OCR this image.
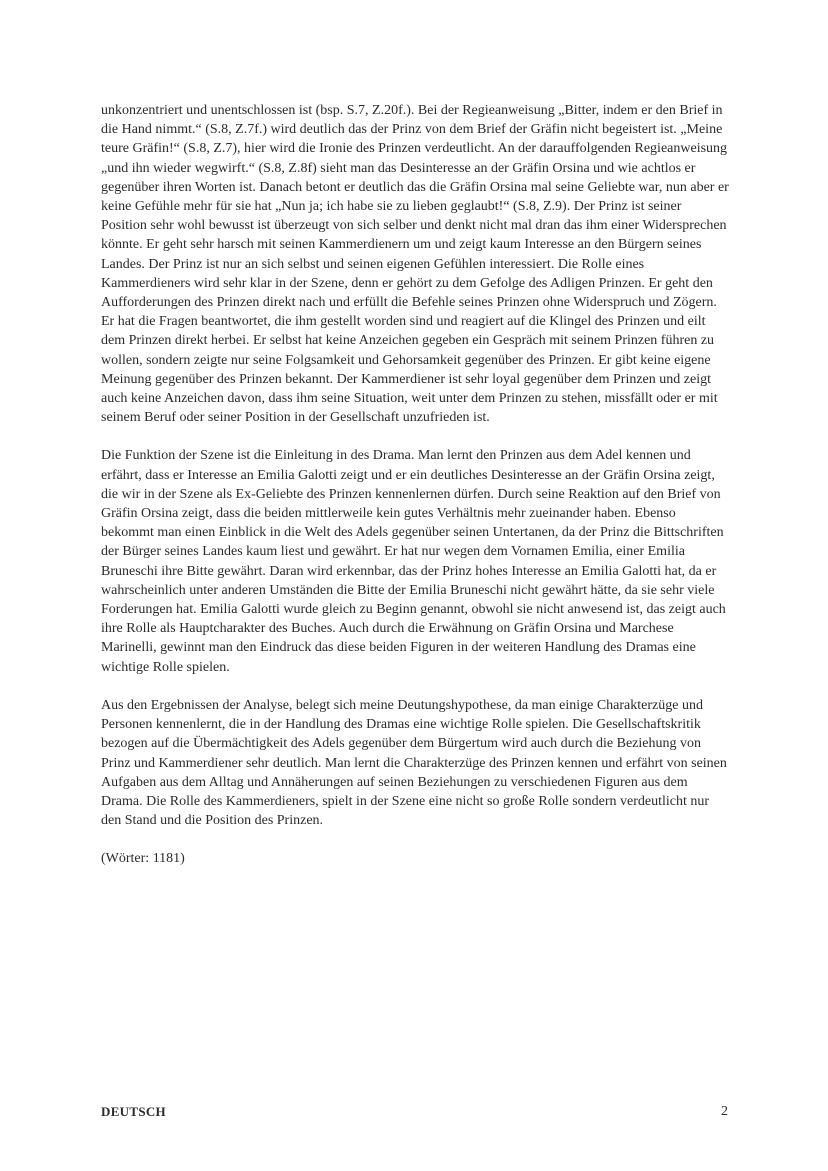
unkonzentriert und unentschlossen ist (bsp. S.7, Z.20f.). Bei der Regieanweisung „Bitter, indem er den Brief in die Hand nimmt.“ (S.8, Z.7f.) wird deutlich das der Prinz von dem Brief der Gräfin nicht begeistert ist. „Meine teure Gräfin!“ (S.8, Z.7), hier wird die Ironie des Prinzen verdeutlicht. An der darauffolgenden Regieanweisung „und ihn wieder wegwirft.“ (S.8, Z.8f) sieht man das Desinteresse an der Gräfin Orsina und wie achtlos er gegenüber ihren Worten ist. Danach betont er deutlich das die Gräfin Orsina mal seine Geliebte war, nun aber er keine Gefühle mehr für sie hat „Nun ja; ich habe sie zu lieben geglaubt!“ (S.8, Z.9). Der Prinz ist seiner Position sehr wohl bewusst ist überzeugt von sich selber und denkt nicht mal dran das ihm einer Widersprechen könnte. Er geht sehr harsch mit seinen Kammerdienern um und zeigt kaum Interesse an den Bürgern seines Landes. Der Prinz ist nur an sich selbst und seinen eigenen Gefühlen interessiert. Die Rolle eines Kammerdieners wird sehr klar in der Szene, denn er gehört zu dem Gefolge des Adligen Prinzen. Er geht den Aufforderungen des Prinzen direkt nach und erfüllt die Befehle seines Prinzen ohne Widerspruch und Zögern. Er hat die Fragen beantwortet, die ihm gestellt worden sind und reagiert auf die Klingel des Prinzen und eilt dem Prinzen direkt herbei. Er selbst hat keine Anzeichen gegeben ein Gespräch mit seinem Prinzen führen zu wollen, sondern zeigte nur seine Folgsamkeit und Gehorsamkeit gegenüber des Prinzen. Er gibt keine eigene Meinung gegenüber des Prinzen bekannt. Der Kammerdiener ist sehr loyal gegenüber dem Prinzen und zeigt auch keine Anzeichen davon, dass ihm seine Situation, weit unter dem Prinzen zu stehen, missfällt oder er mit seinem Beruf oder seiner Position in der Gesellschaft unzufrieden ist.

Die Funktion der Szene ist die Einleitung in des Drama. Man lernt den Prinzen aus dem Adel kennen und erfährt, dass er Interesse an Emilia Galotti zeigt und er ein deutliches Desinteresse an der Gräfin Orsina zeigt, die wir in der Szene als Ex-Geliebte des Prinzen kennenlernen dürfen. Durch seine Reaktion auf den Brief von Gräfin Orsina zeigt, dass die beiden mittlerweile kein gutes Verhältnis mehr zueinander haben. Ebenso bekommt man einen Einblick in die Welt des Adels gegenüber seinen Untertanen, da der Prinz die Bittschriften der Bürger seines Landes kaum liest und gewährt. Er hat nur wegen dem Vornamen Emilia, einer Emilia Bruneschi ihre Bitte gewährt. Daran wird erkennbar, das der Prinz hohes Interesse an Emilia Galotti hat, da er wahrscheinlich unter anderen Umständen die Bitte der Emilia Bruneschi nicht gewährt hätte, da sie sehr viele Forderungen hat. Emilia Galotti wurde gleich zu Beginn genannt, obwohl sie nicht anwesend ist, das zeigt auch ihre Rolle als Hauptcharakter des Buches. Auch durch die Erwähnung on Gräfin Orsina und Marchese Marinelli, gewinnt man den Eindruck das diese beiden Figuren in der weiteren Handlung des Dramas eine wichtige Rolle spielen.

Aus den Ergebnissen der Analyse, belegt sich meine Deutungshypothese, da man einige Charakterzüge und Personen kennenlernt, die in der Handlung des Dramas eine wichtige Rolle spielen. Die Gesellschaftskritik bezogen auf die Übermächtigkeit des Adels gegenüber dem Bürgertum wird auch durch die Beziehung von Prinz und Kammerdiener sehr deutlich. Man lernt die Charakterzüge des Prinzen kennen und erfährt von seinen Aufgaben aus dem Alltag und Annäherungen auf seinen Beziehungen zu verschiedenen Figuren aus dem Drama. Die Rolle des Kammerdieners, spielt in der Szene eine nicht so große Rolle sondern verdeutlicht nur den Stand und die Position des Prinzen.

(Wörter: 1181)

DEUTSCH	2
